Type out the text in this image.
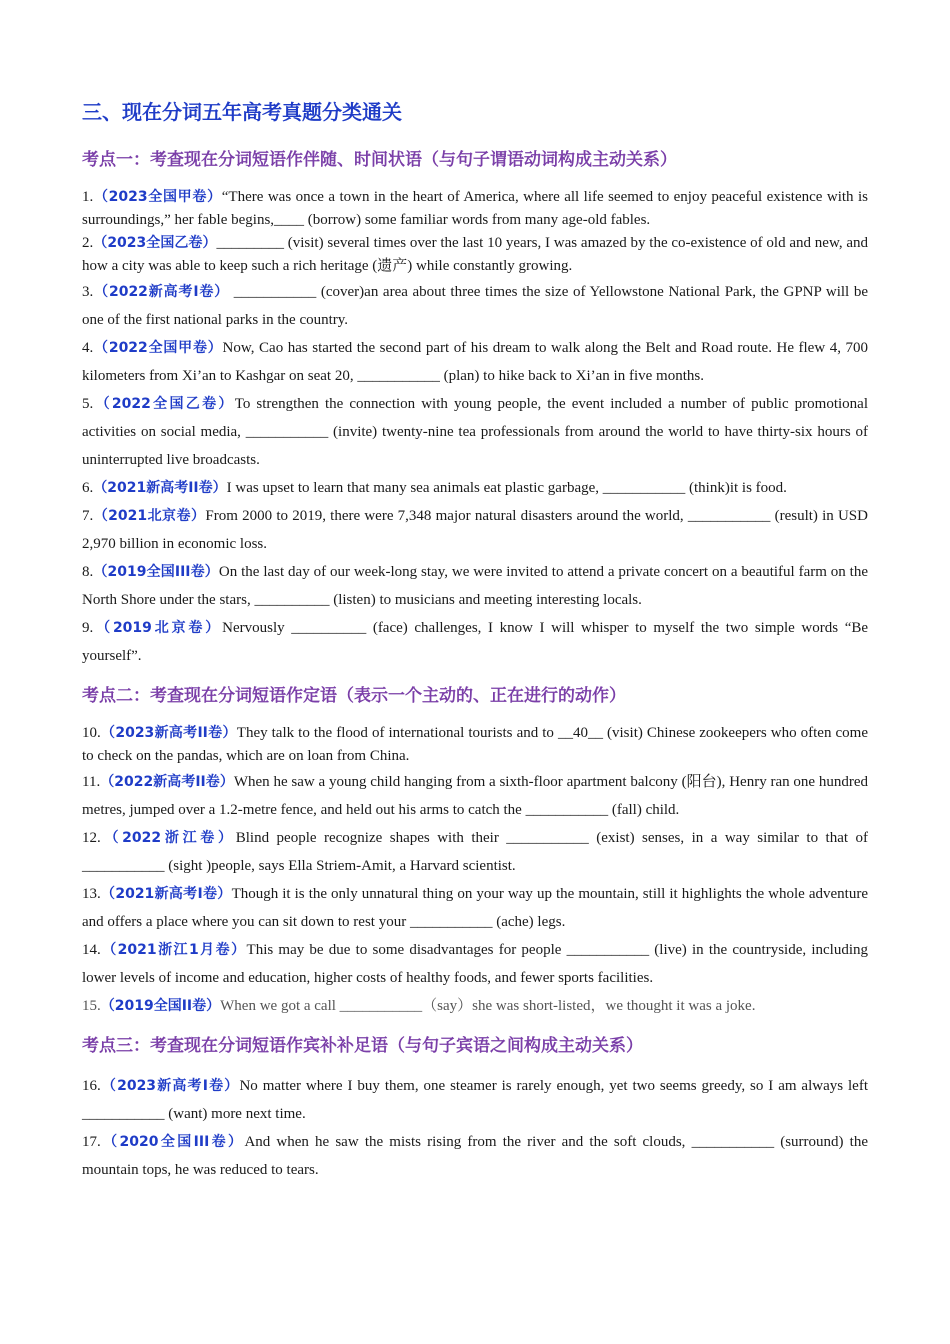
三、现在分词五年高考真题分类通关
考点一：考查现在分词短语作伴随、时间状语（与句子谓语动词构成主动关系）

1.（2023全国甲卷）“There was once a town in the heart of America, where all life seemed to enjoy peaceful existence with is surroundings,” her fable begins,____ (borrow) some familiar words from many age-old fables.

2.（2023全国乙卷）_________ (visit) several times over the last 10 years, I was amazed by the co-existence of old and new, and how a city was able to keep such a rich heritage (遗产) while constantly growing.

3.（2022新高考I卷） ___________ (cover)an area about three times the size of Yellowstone National Park, the GPNP will be one of the first national parks in the country.

4.（2022全国甲卷）Now, Cao has started the second part of his dream to walk along the Belt and Road route. He flew 4, 700 kilometers from Xi’an to Kashgar on seat 20, ___________ (plan) to hike back to Xi’an in five months.

5.（2022全国乙卷）To strengthen the connection with young people, the event included a number of public promotional activities on social media, ___________ (invite) twenty-nine tea professionals from around the world to have thirty-six hours of uninterrupted live broadcasts.

6.（2021新高考II卷）I was upset to learn that many sea animals eat plastic garbage, ___________ (think)it is food.

7.（2021北京卷）From 2000 to 2019, there were 7,348 major natural disasters around the world, ___________ (result) in USD 2,970 billion in economic loss.

8.（2019全国III卷）On the last day of our week-long stay, we were invited to attend a private concert on a beautiful farm on the North Shore under the stars, __________ (listen) to musicians and meeting interesting locals.

9.（2019北京卷）Nervously __________ (face) challenges, I know I will whisper to myself the two simple words “Be yourself”.

考点二：考查现在分词短语作定语（表示一个主动的、正在进行的动作）

10.（2023新高考II卷）They talk to the flood of international tourists and to __40__ (visit) Chinese zookeepers who often come to check on the pandas, which are on loan from China.

11.（2022新高考II卷）When he saw a young child hanging from a sixth-floor apartment balcony (阳台), Henry ran one hundred metres, jumped over a 1.2-metre fence, and held out his arms to catch the ___________ (fall) child.

12.（2022浙江卷）Blind people recognize shapes with their ___________ (exist) senses, in a way similar to that of ___________ (sight )people, says Ella Striem-Amit, a Harvard scientist.

13.（2021新高考I卷）Though it is the only unnatural thing on your way up the mountain, still it highlights the whole adventure and offers a place where you can sit down to rest your ___________ (ache) legs.

14.（2021浙江1月卷）This may be due to some disadvantages for people ___________ (live) in the countryside, including lower levels of income and education, higher costs of healthy foods, and fewer sports facilities.

15.（2019全国II卷）When we got a call ___________（say）she was short-listed，we thought it was a joke.

考点三：考查现在分词短语作宾补补足语（与句子宾语之间构成主动关系）

16.（2023新高考I卷）No matter where I buy them, one steamer is rarely enough, yet two seems greedy, so I am always left ___________ (want) more next time.

17.（2020全国III卷）And when he saw the mists rising from the river and the soft clouds, ___________ (surround) the mountain tops, he was reduced to tears.
